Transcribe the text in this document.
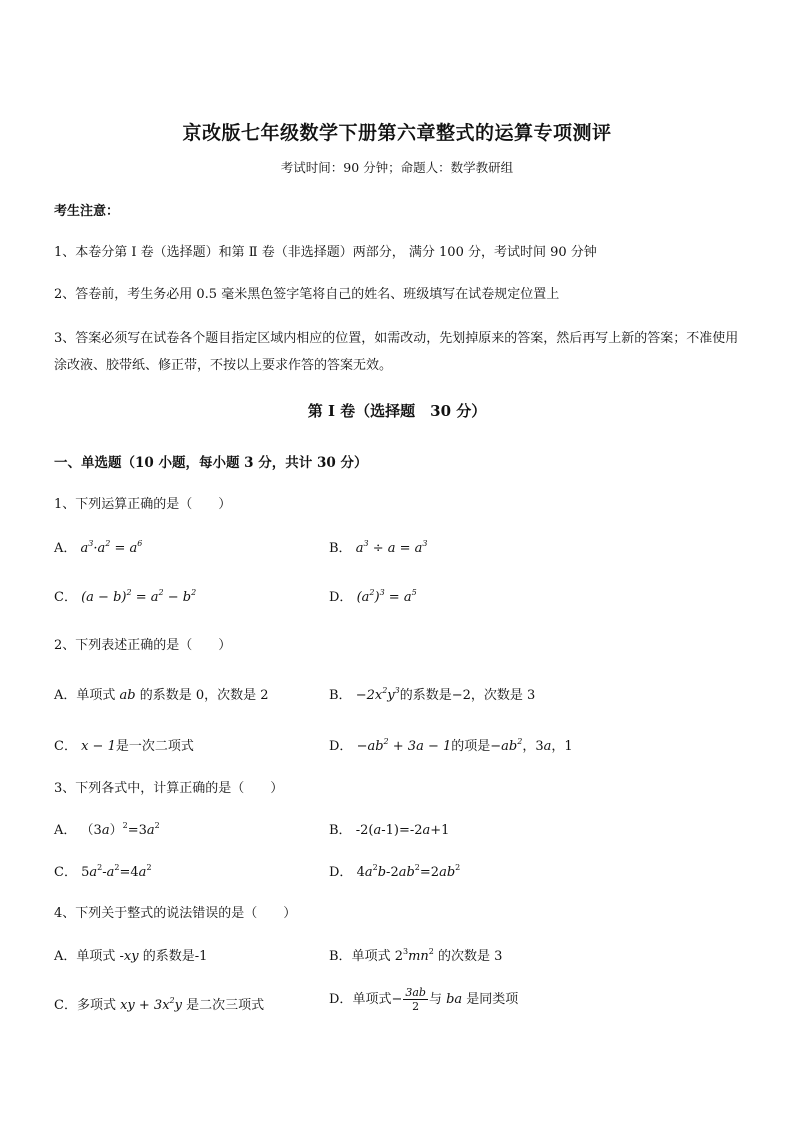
京改版七年级数学下册第六章整式的运算专项测评
考试时间：90 分钟；命题人：数学教研组
考生注意：
1、本卷分第 Ⅰ 卷（选择题）和第 Ⅱ 卷（非选择题）两部分， 满分 100 分，考试时间 90 分钟
2、答卷前，考生务必用 0.5 毫米黑色签字笔将自己的姓名、班级填写在试卷规定位置上
3、答案必须写在试卷各个题目指定区域内相应的位置，如需改动，先划掉原来的答案，然后再写上新的答案；不准使用涂改液、胶带纸、修正带，不按以上要求作答的答案无效。
第 I 卷（选择题　30 分）
一、单选题（10 小题，每小题 3 分，共计 30 分）
1、下列运算正确的是（　　）
A． $a^3\cdot a^2 = a^6$	B． $a^3 \div a = a^3$
C． $(a - b)^2 = a^2 - b^2$	D． $(a^2)^3 = a^5$
2、下列表述正确的是（　　）
A．单项式 ab 的系数是 0，次数是 2	B． $-2x^2y^3$的系数是−2，次数是 3
C． x − 1是一次二项式	D． $-ab^2 + 3a - 1$的项是$-ab^2$，3a，1
3、下列各式中，计算正确的是（　　）
A． $(3a)^2=3a^2$	B． -2(a-1)=-2a+1
C． $5a^2-a^2=4a^2$	D． $4a^2b-2ab^2=2ab^2$
4、下列关于整式的说法错误的是（　　）
A．单项式 -xy 的系数是-1	B．单项式 $2^3mn^2$ 的次数是 3
C．多项式 xy + $3x^2y$ 是二次三项式	D．单项式− $\frac{3ab}{2}$ 与 ba 是同类项
